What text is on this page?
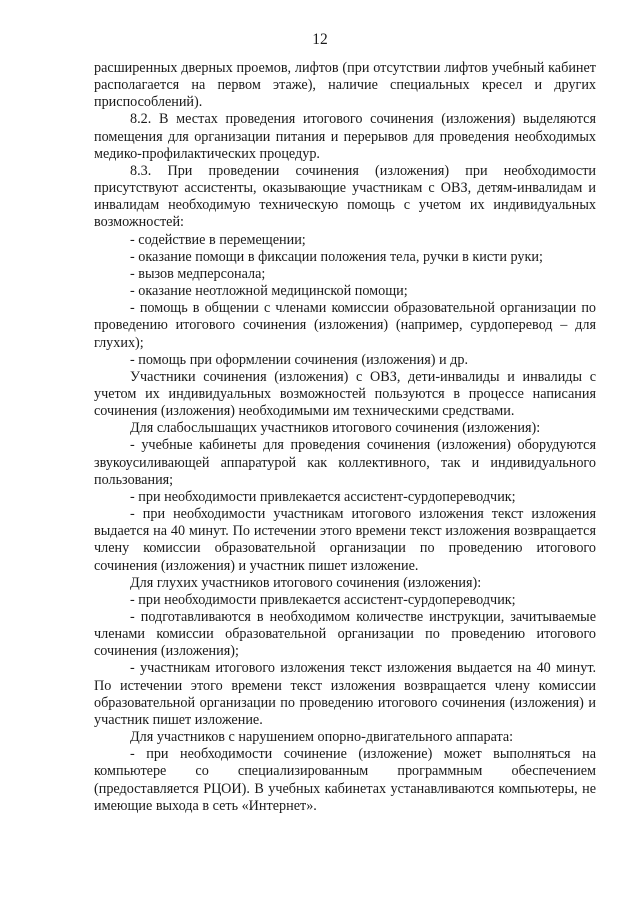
12

расширенных дверных проемов, лифтов (при отсутствии лифтов учебный кабинет располагается на первом этаже), наличие специальных кресел и других приспособлений).

8.2. В местах проведения итогового сочинения (изложения) выделяются помещения для организации питания и перерывов для проведения необходимых медико-профилактических процедур.

8.3. При проведении сочинения (изложения) при необходимости присутствуют ассистенты, оказывающие участникам с ОВЗ, детям-инвалидам и инвалидам необходимую техническую помощь с учетом их индивидуальных возможностей:

- содействие в перемещении;

- оказание помощи в фиксации положения тела, ручки в кисти руки;

- вызов медперсонала;

- оказание неотложной медицинской помощи;

- помощь в общении с членами комиссии образовательной организации по проведению итогового сочинения (изложения) (например, сурдоперевод – для глухих);

- помощь при оформлении сочинения (изложения) и др.

Участники сочинения (изложения) с ОВЗ, дети-инвалиды и инвалиды с учетом их индивидуальных возможностей пользуются в процессе написания сочинения (изложения) необходимыми им техническими средствами.

Для слабослышащих участников итогового сочинения (изложения):

- учебные кабинеты для проведения сочинения (изложения) оборудуются звукоусиливающей аппаратурой как коллективного, так и индивидуального пользования;

- при необходимости привлекается ассистент-сурдопереводчик;

- при необходимости участникам итогового изложения текст изложения выдается на 40 минут. По истечении этого времени текст изложения возвращается члену комиссии образовательной организации по проведению итогового сочинения (изложения) и участник пишет изложение.

Для глухих участников итогового сочинения (изложения):

- при необходимости привлекается ассистент-сурдопереводчик;

- подготавливаются в необходимом количестве инструкции, зачитываемые членами комиссии образовательной организации по проведению итогового сочинения (изложения);

- участникам итогового изложения текст изложения выдается на 40 минут. По истечении этого времени текст изложения возвращается члену комиссии образовательной организации по проведению итогового сочинения (изложения) и участник пишет изложение.

Для участников с нарушением опорно-двигательного аппарата:

- при необходимости сочинение (изложение) может выполняться на компьютере со специализированным программным обеспечением (предоставляется РЦОИ). В учебных кабинетах устанавливаются компьютеры, не имеющие выхода в сеть «Интернет».
